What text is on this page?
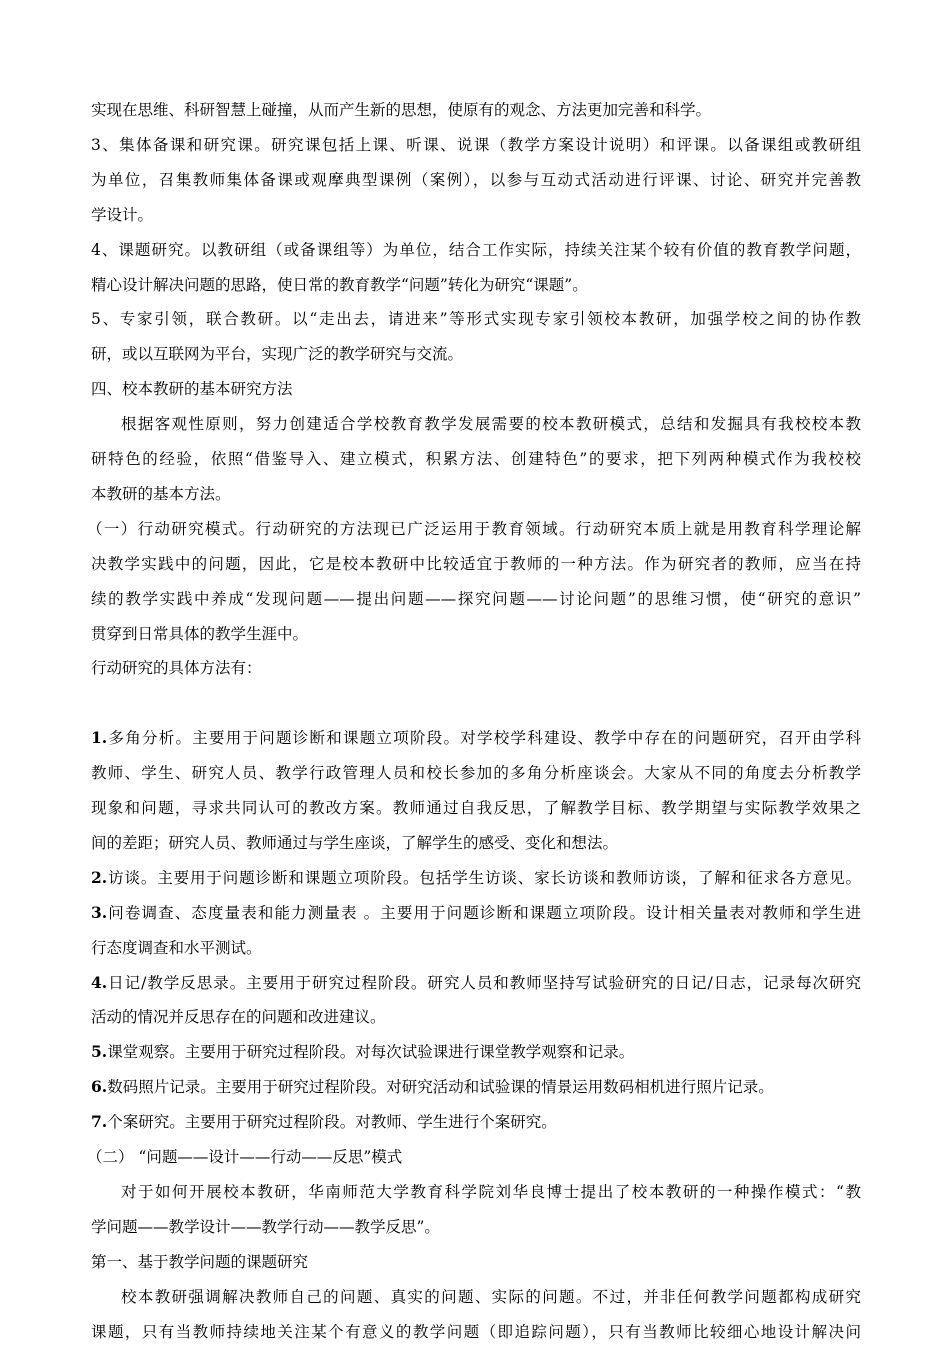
实现在思维、科研智慧上碰撞，从而产生新的思想，使原有的观念、方法更加完善和科学。
3、集体备课和研究课。研究课包括上课、听课、说课（教学方案设计说明）和评课。以备课组或教研组
为单位，召集教师集体备课或观摩典型课例（案例），以参与互动式活动进行评课、讨论、研究并完善教
学设计。
4、课题研究。以教研组（或备课组等）为单位，结合工作实际，持续关注某个较有价值的教育教学问题，
精心设计解决问题的思路，使日常的教育教学“问题”转化为研究“课题”。
5、专家引领，联合教研。以“走出去，请进来”等形式实现专家引领校本教研，加强学校之间的协作教
研，或以互联网为平台，实现广泛的教学研究与交流。
四、校本教研的基本研究方法
根据客观性原则，努力创建适合学校教育教学发展需要的校本教研模式，总结和发掘具有我校校本教
研特色的经验，依照“借鉴导入、建立模式，积累方法、创建特色”的要求，把下列两种模式作为我校校
本教研的基本方法。
（一）行动研究模式。行动研究的方法现已广泛运用于教育领域。行动研究本质上就是用教育科学理论解
决教学实践中的问题，因此，它是校本教研中比较适宜于教师的一种方法。作为研究者的教师，应当在持
续的教学实践中养成“发现问题——提出问题——探究问题——讨论问题”的思维习惯，使“研究的意识”
贯穿到日常具体的教学生涯中。
行动研究的具体方法有：
1.多角分析。主要用于问题诊断和课题立项阶段。对学校学科建设、教学中存在的问题研究，召开由学科
教师、学生、研究人员、教学行政管理人员和校长参加的多角分析座谈会。大家从不同的角度去分析教学
现象和问题，寻求共同认可的教改方案。教师通过自我反思，了解教学目标、教学期望与实际教学效果之
间的差距；研究人员、教师通过与学生座谈，了解学生的感受、变化和想法。
2.访谈。主要用于问题诊断和课题立项阶段。包括学生访谈、家长访谈和教师访谈，了解和征求各方意见。
3.问卷调查、态度量表和能力测量表 。主要用于问题诊断和课题立项阶段。设计相关量表对教师和学生进
行态度调查和水平测试。
4.日记/教学反思录。主要用于研究过程阶段。研究人员和教师坚持写试验研究的日记/日志，记录每次研究
活动的情况并反思存在的问题和改进建议。
5.课堂观察。主要用于研究过程阶段。对每次试验课进行课堂教学观察和记录。
6.数码照片记录。主要用于研究过程阶段。对研究活动和试验课的情景运用数码相机进行照片记录。
7.个案研究。主要用于研究过程阶段。对教师、学生进行个案研究。
（二） “问题——设计——行动——反思”模式
对于如何开展校本教研，华南师范大学教育科学院刘华良博士提出了校本教研的一种操作模式：“教
学问题——教学设计——教学行动——教学反思”。
第一、基于教学问题的课题研究
校本教研强调解决教师自己的问题、真实的问题、实际的问题。不过，并非任何教学问题都构成研究
课题，只有当教师持续地关注某个有意义的教学问题（即追踪问题），只有当教师比较细心地设计解决问
